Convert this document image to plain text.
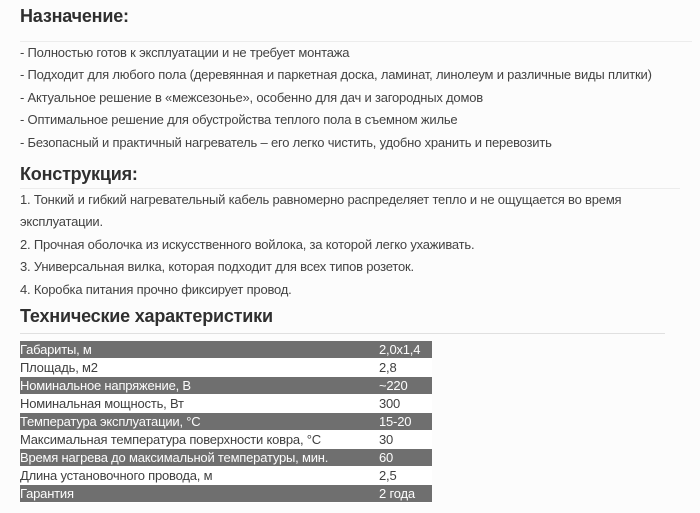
Назначение:
- Полностью готов к эксплуатации и не требует монтажа
- Подходит для любого пола (деревянная и паркетная доска, ламинат, линолеум и различные виды плитки)
- Актуальное решение в «межсезонье», особенно для дач и загородных домов
- Оптимальное решение для обустройства теплого пола в съемном жилье
- Безопасный и практичный нагреватель – его легко чистить, удобно хранить и перевозить
Конструкция:
1. Тонкий и гибкий нагревательный кабель равномерно распределяет тепло и не ощущается во время эксплуатации.
2. Прочная оболочка из искусственного войлока, за которой легко ухаживать.
3. Универсальная вилка, которая подходит для всех типов розеток.
4. Коробка питания прочно фиксирует провод.
Технические характеристики
Габариты, м	2,0х1,4
Площадь, м2	2,8
Номинальное напряжение, В	~220
Номинальная мощность, Вт	300
Температура эксплуатации, °С	15-20
Максимальная температура поверхности ковра, °С	30
Время нагрева до максимальной температуры, мин.	60
Длина установочного провода, м	2,5
Гарантия	2 года
